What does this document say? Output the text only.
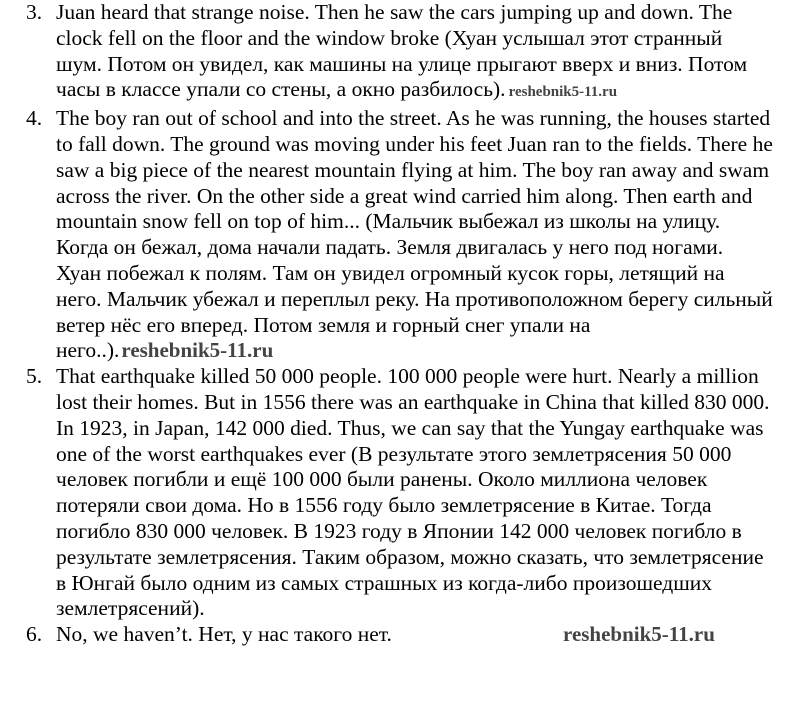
3. Juan heard that strange noise. Then he saw the cars jumping up and down. The clock fell on the floor and the window broke (Хуан услышал этот странный шум. Потом он увидел, как машины на улице прыгают вверх и вниз. Потом часы в классе упали со стены, а окно разбилось). reshebnik5-11.ru
4. The boy ran out of school and into the street. As he was running, the houses started to fall down. The ground was moving under his feet Juan ran to the fields. There he saw a big piece of the nearest mountain flying at him. The boy ran away and swam across the river. On the other side a great wind carried him along. Then earth and mountain snow fell on top of him... (Мальчик выбежал из школы на улицу. Когда он бежал, дома начали падать. Земля двигалась у него под ногами. Хуан побежал к полям. Там он увидел огромный кусок горы, летящий на него. Мальчик убежал и переплыл реку. На противоположном берегу сильный ветер нёс его вперед. Потом земля и горный снег упали на него..).reshebnik5-11.ru
5. That earthquake killed 50 000 people. 100 000 people were hurt. Nearly a million lost their homes. But in 1556 there was an earthquake in China that killed 830 000. In 1923, in Japan, 142 000 died. Thus, we can say that the Yungay earthquake was one of the worst earthquakes ever (В результате этого землетрясения 50 000 человек погибли и ещё 100 000 были ранены. Около миллиона человек потеряли свои дома. Но в 1556 году было землетрясение в Китае. Тогда погибло 830 000 человек. В 1923 году в Японии 142 000 человек погибло в результате землетрясения. Таким образом, можно сказать, что землетрясение в Юнгай было одним из самых страшных из когда-либо произошедших землетрясений).
6. No, we haven’t. Нет, у нас такого нет.	reshebnik5-11.ru
